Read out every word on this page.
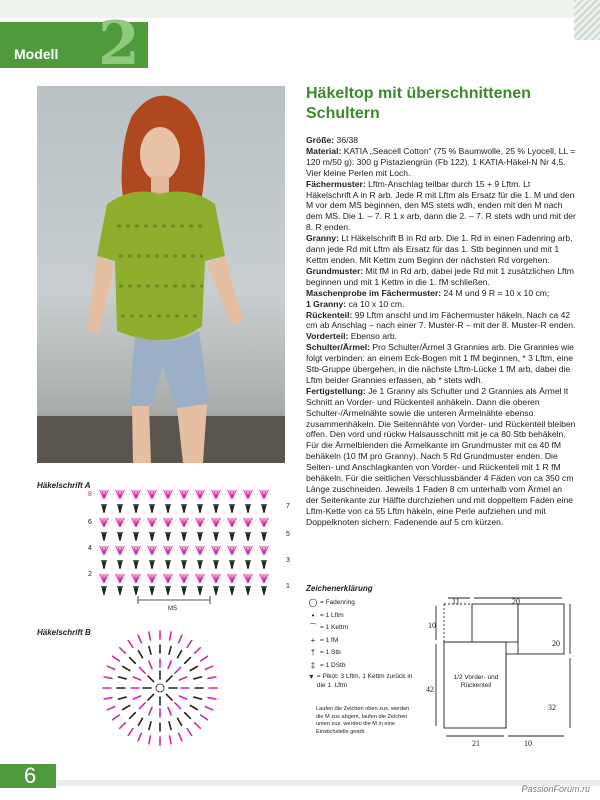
Modell 2
Häkeltop mit überschnittenen Schultern

Größe: 36/38
Material: KATIA „Seacell Cotton“ (75 % Baumwolle, 25 % Lyocell, LL = 120 m/50 g): 300 g Pistaziengrün (Fb 122). 1 KATIA-Häkel-N Nr 4,5. Vier kleine Perlen mit Loch.
Fächermuster: Lftm-Anschlag teilbar durch 15 + 9 Lftm. Lt Häkelschrift A in R arb. Jede R mit Lftm als Ersatz für die 1. M und den M vor dem MS beginnen, den MS stets wdh, enden mit den M nach dem MS. Die 1. – 7. R 1 x arb, dann die 2. – 7. R stets wdh und mit der 8. R enden.
Granny: Lt Häkelschrift B in Rd arb. Die 1. Rd in einen Fadenring arb, dann jede Rd mit Lftm als Ersatz für das 1. Stb beginnen und mit 1 Kettm enden. Mit Kettm zum Beginn der nächsten Rd vorgehen.
Grundmuster: Mit fM in Rd arb, dabei jede Rd mit 1 zusätzlichen Lftm beginnen und mit 1 Kettm in die 1. fM schließen.
Maschenprobe im Fächermuster: 24 M und 9 R = 10 x 10 cm;
1 Granny: ca 10 x 10 cm.
Rückenteil: 99 Lftm anschl und im Fächermuster häkeln. Nach ca 42 cm ab Anschlag – nach einer 7. Muster-R – mit der 8. Muster-R enden.
Vorderteil: Ebenso arb.
Schulter/Ärmel: Pro Schulter/Ärmel 3 Grannies arb. Die Grannies wie folgt verbinden: an einem Eck-Bogen mit 1 fM beginnen, * 3 Lftm, eine Stb-Gruppe übergehen, in die nächste Lftm-Lücke 1 fM arb, dabei die Lftm beider Grannies erfassen, ab * stets wdh.
Fertigstellung: Je 1 Granny als Schulter und 2 Grannies als Ärmel lt Schnitt an Vorder- und Rückenteil anhäkeln. Dann die oberen Schulter-/Ärmelnähte sowie die unteren Ärmelnähte ebenso zusammenhäkeln. Die Seitennähte von Vorder- und Rückenteil bleiben offen. Den vord und rückw Halsausschnitt mit je ca 80 Stb behäkeln. Für die Ärmelblenden die Ärmelkante im Grundmuster mit ca 40 fM behäkeln (10 fM pro Granny). Nach 5 Rd Grundmuster enden. Die Seiten- und Anschlagkanten von Vorder- und Rückenteil mit 1 R fM behäkeln. Für die seitlichen Verschlussbänder 4 Fäden von ca 350 cm Länge zuschneiden. Jeweils 1 Faden 8 cm unterhalb vom Ärmel an der Seitenkante zur Hälfte durchziehen und mit doppeltem Faden eine Lftm-Kette von ca 55 Lftm häkeln, eine Perle aufziehen und mit Doppelknoten sichern. Fadenende auf 5 cm kürzen.

Häkelschrift A
8
6
4
2
7
5
3
1
MS
Häkelschrift B
Zeichenerklärung
◯ = Fadenring
• = 1 Lftm
⌒ = 1 Kettm
+ = 1 fM
† = 1 Stb
‡ = 1 DStb
▾ = Pikot: 3 Lftm, 1 Kettm zurück in die 1. Lftm
Laufen die Zeichen oben zus, werden die M zus abgem, laufen die Zeichen unten zus, werden die M in eine Einstichstelle gearb.
11	20
10
20
42
32
21	10
1/2 Vorder- und Rückenteil
6
PassionForum.ru
